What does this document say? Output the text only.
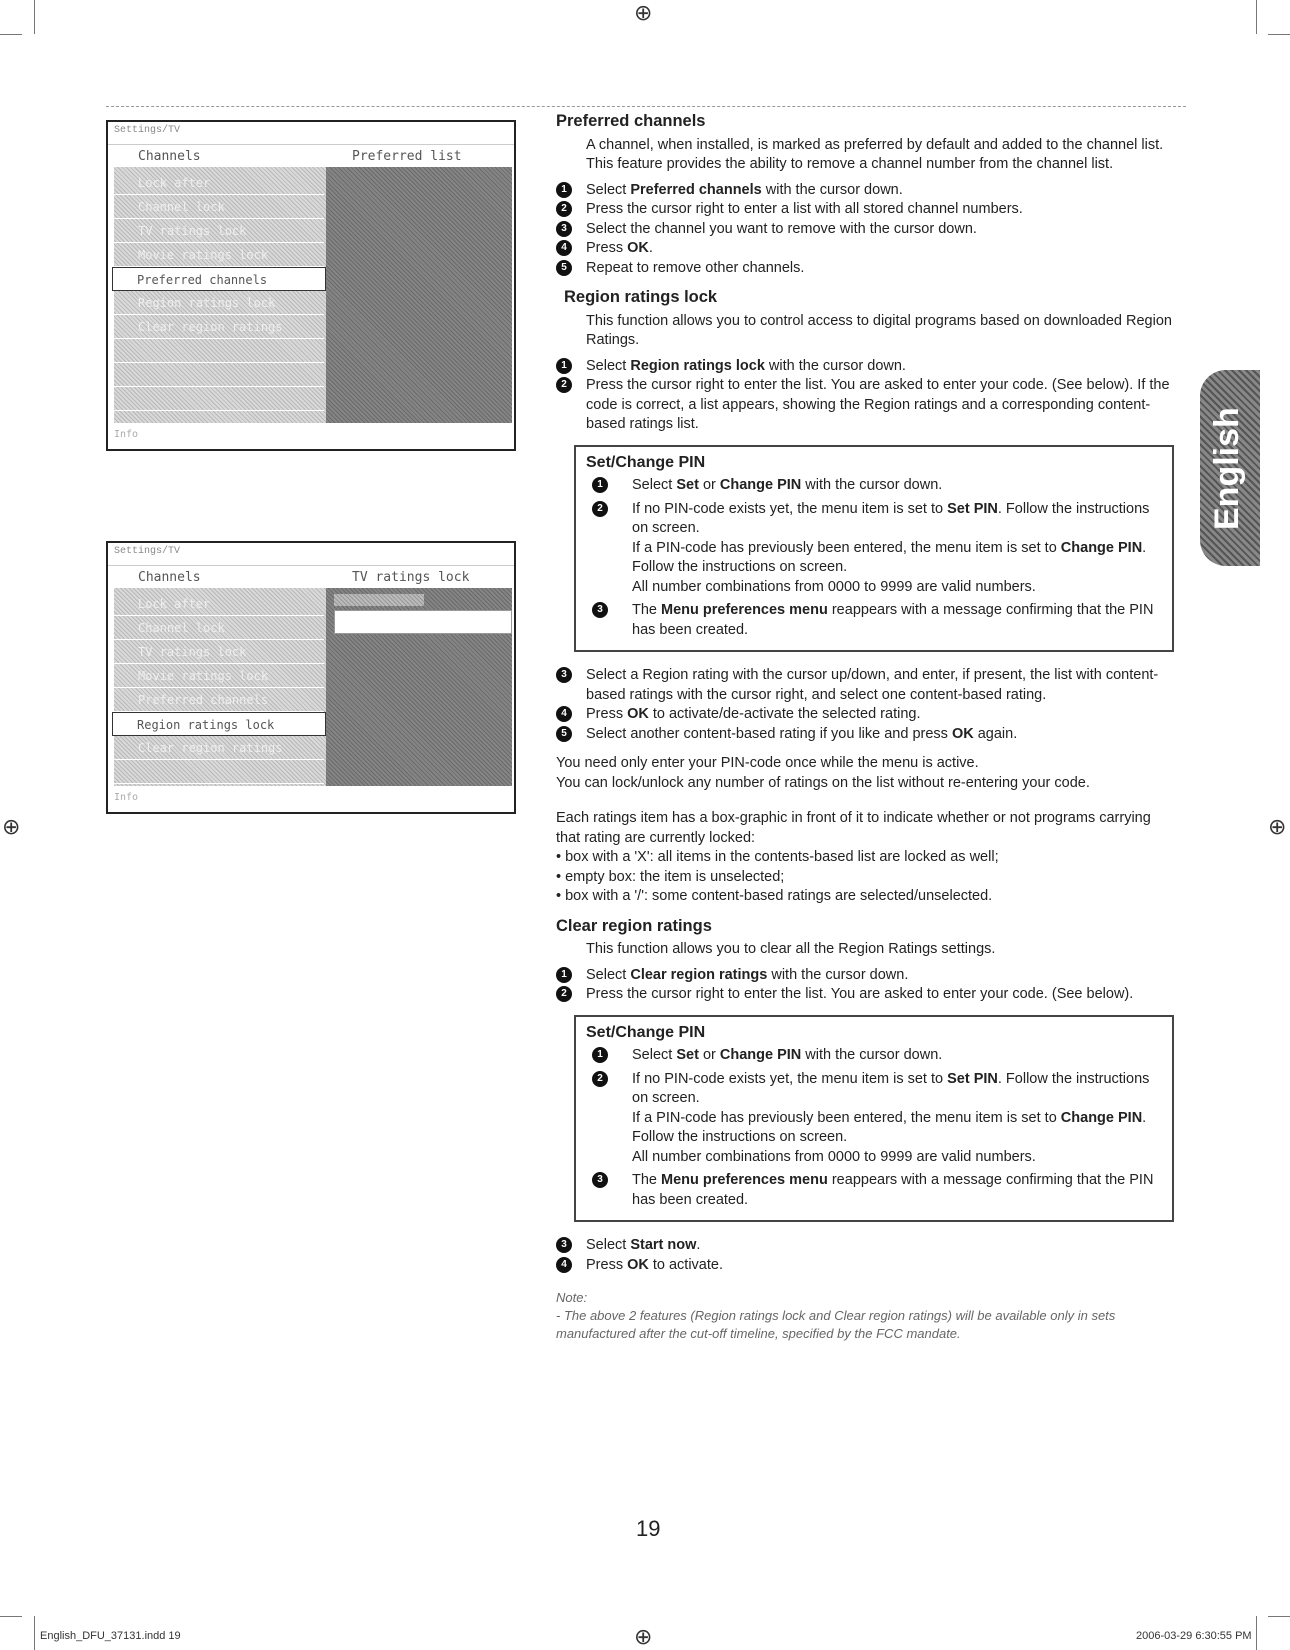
⊕
⊕	⊕
⊕
Settings/TV
Channels	Preferred list
Lock after
Channel lock
TV ratings lock
Movie ratings lock
Preferred channels
Region ratings lock
Clear region ratings
Info
Settings/TV
Channels	TV ratings lock
Lock after
Channel lock
TV ratings lock
Movie ratings lock
Preferred channels
Region ratings lock
Clear region ratings
Info
English
Preferred channels

A channel, when installed, is marked as preferred by default and added to the channel list. This feature provides the ability to remove a channel number from the channel list.

1	Select Preferred channels with the cursor down.

2	Press the cursor right to enter a list with all stored channel numbers.

3	Select the channel you want to remove with the cursor down.

4	Press OK.

5	Repeat to remove other channels.

Region ratings lock

This function allows you to control access to digital programs based on downloaded Region Ratings.

1	Select Region ratings lock with the cursor down.

2	Press the cursor right to enter the list. You are asked to enter your code. (See below). If the code is correct, a list appears, showing the Region ratings and a corresponding content-based ratings list.

Set/Change PIN

1	Select Set or Change PIN with the cursor down.

2	If no PIN-code exists yet, the menu item is set to Set PIN. Follow the instructions on screen.
If a PIN-code has previously been entered, the menu item is set to Change PIN. Follow the instructions on screen.
All number combinations from 0000 to 9999 are valid numbers.

3	The Menu preferences menu reappears with a message confirming that the PIN has been created.

3	Select a Region rating with the cursor up/down, and enter, if present, the list with content-based ratings with the cursor right, and select one content-based rating.

4	Press OK to activate/de-activate the selected rating.

5	Select another content-based rating if you like and press OK again.

You need only enter your PIN-code once while the menu is active.
You can lock/unlock any number of ratings on the list without re-entering your code.

Each ratings item has a box-graphic in front of it to indicate whether or not programs carrying that rating are currently locked:
• box with a 'X': all items in the contents-based list are locked as well;
• empty box: the item is unselected;
• box with a '/': some content-based ratings are selected/unselected.

Clear region ratings

This function allows you to clear all the Region Ratings settings.

1	Select Clear region ratings with the cursor down.

2	Press the cursor right to enter the list. You are asked to enter your code. (See below).

Set/Change PIN

1	Select Set or Change PIN with the cursor down.

2	If no PIN-code exists yet, the menu item is set to Set PIN. Follow the instructions on screen.
If a PIN-code has previously been entered, the menu item is set to Change PIN. Follow the instructions on screen.
All number combinations from 0000 to 9999 are valid numbers.

3	The Menu preferences menu reappears with a message confirming that the PIN has been created.

3	Select Start now.

4	Press OK to activate.

Note:
- The above 2 features (Region ratings lock and Clear region ratings) will be available only in sets manufactured after the cut-off timeline, specified by the FCC mandate.
19
English_DFU_37131.indd 19	2006-03-29 6:30:55 PM
